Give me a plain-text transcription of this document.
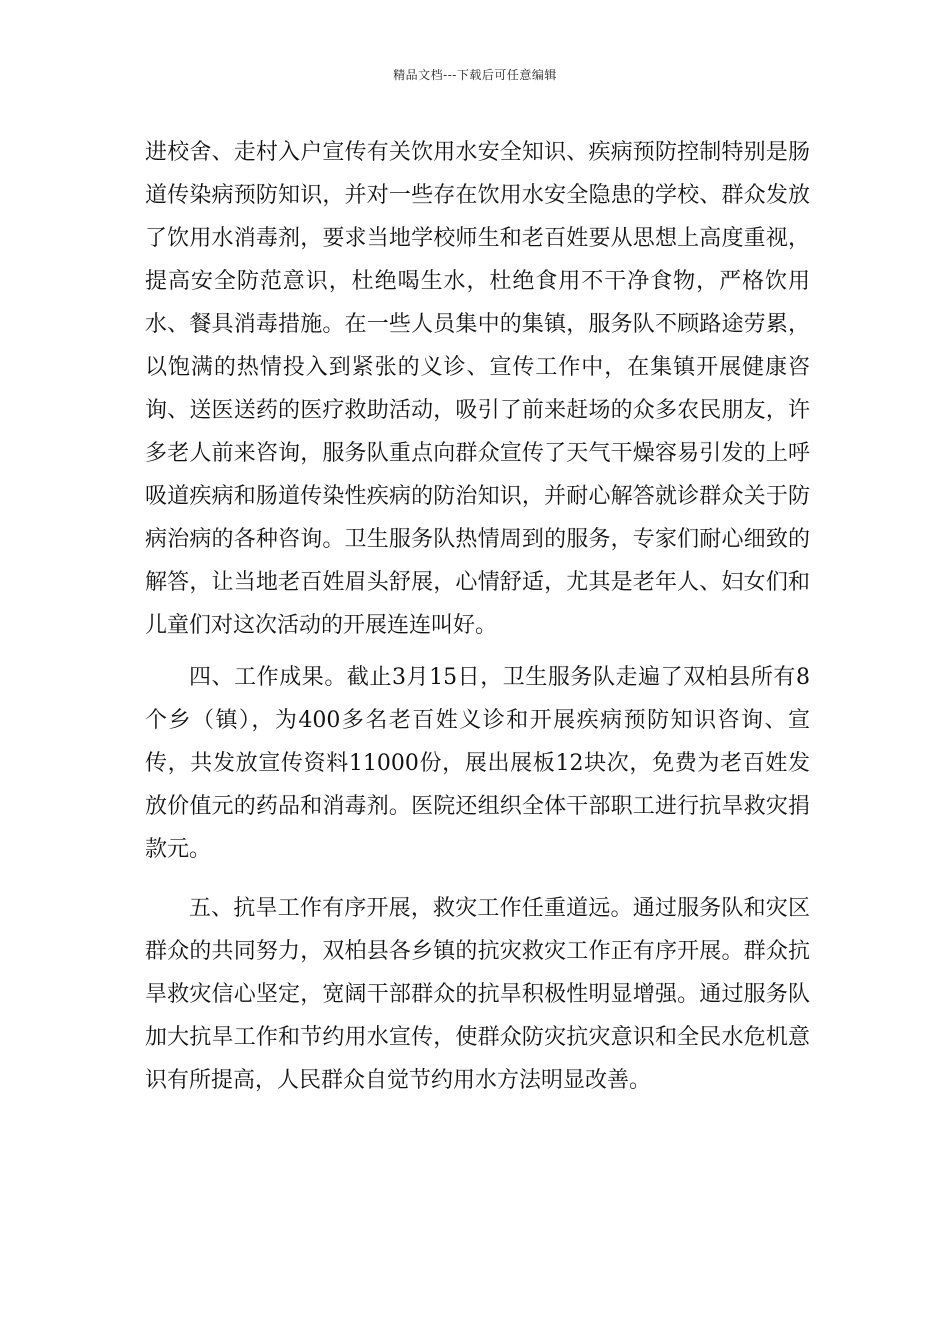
精品文档---下载后可任意编辑

进校舍、走村入户宣传有关饮用水安全知识、疾病预防控制特别是肠道传染病预防知识，并对一些存在饮用水安全隐患的学校、群众发放了饮用水消毒剂，要求当地学校师生和老百姓要从思想上高度重视，提高安全防范意识，杜绝喝生水，杜绝食用不干净食物，严格饮用水、餐具消毒措施。在一些人员集中的集镇，服务队不顾路途劳累，以饱满的热情投入到紧张的义诊、宣传工作中，在集镇开展健康咨询、送医送药的医疗救助活动，吸引了前来赶场的众多农民朋友，许多老人前来咨询，服务队重点向群众宣传了天气干燥容易引发的上呼吸道疾病和肠道传染性疾病的防治知识，并耐心解答就诊群众关于防病治病的各种咨询。卫生服务队热情周到的服务，专家们耐心细致的解答，让当地老百姓眉头舒展，心情舒适，尤其是老年人、妇女们和儿童们对这次活动的开展连连叫好。

四、工作成果。截止3月15日，卫生服务队走遍了双柏县所有8个乡（镇），为400多名老百姓义诊和开展疾病预防知识咨询、宣传，共发放宣传资料11000份，展出展板12块次，免费为老百姓发放价值元的药品和消毒剂。医院还组织全体干部职工进行抗旱救灾捐款元。

五、抗旱工作有序开展，救灾工作任重道远。通过服务队和灾区群众的共同努力，双柏县各乡镇的抗灾救灾工作正有序开展。群众抗旱救灾信心坚定，宽阔干部群众的抗旱积极性明显增强。通过服务队加大抗旱工作和节约用水宣传，使群众防灾抗灾意识和全民水危机意识有所提高，人民群众自觉节约用水方法明显改善。
